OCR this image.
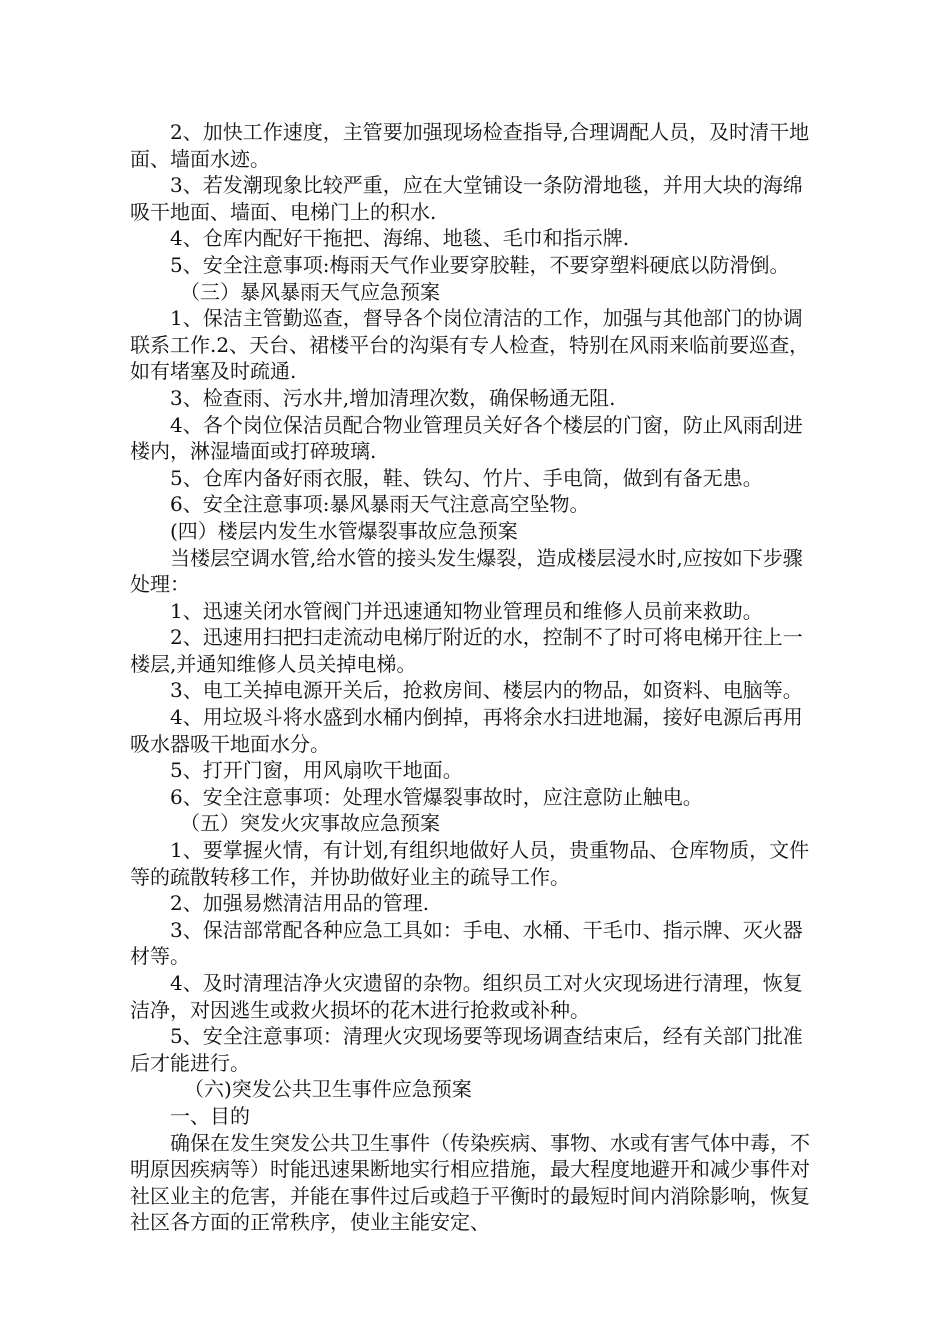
2、加快工作速度，主管要加强现场检查指导,合理调配人员，及时清干地面、墙面水迹。

3、若发潮现象比较严重，应在大堂铺设一条防滑地毯，并用大块的海绵吸干地面、墙面、电梯门上的积水.

4、仓库内配好干拖把、海绵、地毯、毛巾和指示牌.

5、安全注意事项:梅雨天气作业要穿胶鞋，不要穿塑料硬底以防滑倒。

（三）暴风暴雨天气应急预案

1、保洁主管勤巡查，督导各个岗位清洁的工作，加强与其他部门的协调联系工作.2、天台、裙楼平台的沟渠有专人检查，特别在风雨来临前要巡查，如有堵塞及时疏通.

3、检查雨、污水井,增加清理次数，确保畅通无阻.

4、各个岗位保洁员配合物业管理员关好各个楼层的门窗，防止风雨刮进楼内，淋湿墙面或打碎玻璃.

5、仓库内备好雨衣服，鞋、铁勾、竹片、手电筒，做到有备无患。

6、安全注意事项:暴风暴雨天气注意高空坠物。

(四）楼层内发生水管爆裂事故应急预案

当楼层空调水管,给水管的接头发生爆裂，造成楼层浸水时,应按如下步骤处理：

1、迅速关闭水管阀门并迅速通知物业管理员和维修人员前来救助。

2、迅速用扫把扫走流动电梯厅附近的水，控制不了时可将电梯开往上一楼层,并通知维修人员关掉电梯。

3、电工关掉电源开关后，抢救房间、楼层内的物品，如资料、电脑等。

4、用垃圾斗将水盛到水桶内倒掉，再将余水扫进地漏，接好电源后再用吸水器吸干地面水分。

5、打开门窗，用风扇吹干地面。

6、安全注意事项：处理水管爆裂事故时，应注意防止触电。

（五）突发火灾事故应急预案

1、要掌握火情，有计划,有组织地做好人员，贵重物品、仓库物质，文件等的疏散转移工作，并协助做好业主的疏导工作。

2、加强易燃清洁用品的管理.

3、保洁部常配各种应急工具如：手电、水桶、干毛巾、指示牌、灭火器材等。

4、及时清理洁净火灾遗留的杂物。组织员工对火灾现场进行清理，恢复洁净，对因逃生或救火损坏的花木进行抢救或补种。

5、安全注意事项：清理火灾现场要等现场调查结束后，经有关部门批准后才能进行。

（六)突发公共卫生事件应急预案

一、目的

确保在发生突发公共卫生事件（传染疾病、事物、水或有害气体中毒，不明原因疾病等）时能迅速果断地实行相应措施，最大程度地避开和减少事件对社区业主的危害，并能在事件过后或趋于平衡时的最短时间内消除影响，恢复社区各方面的正常秩序，使业主能安定、
